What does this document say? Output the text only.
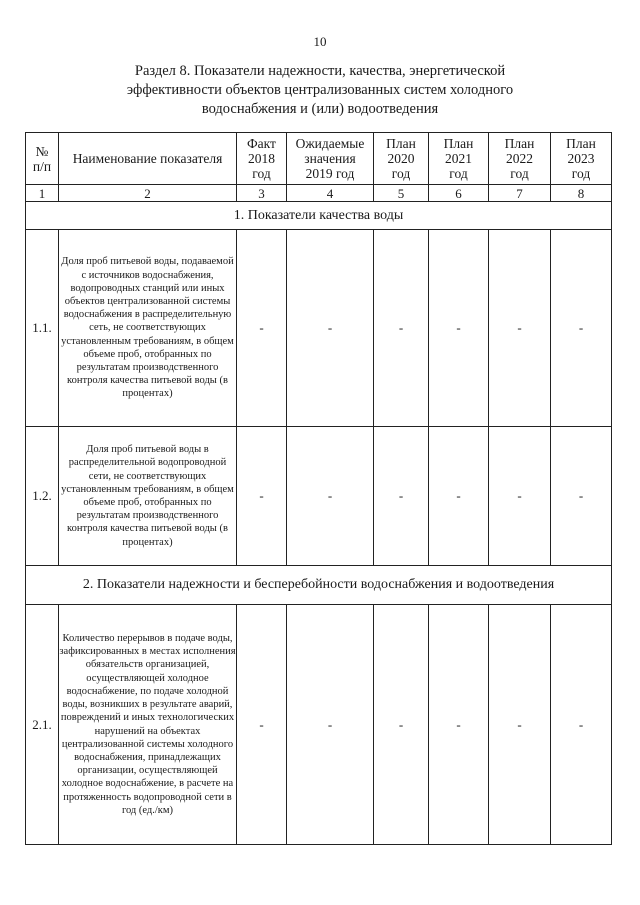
10
Раздел 8. Показатели надежности, качества, энергетической
эффективности объектов централизованных систем холодного
водоснабжения и (или) водоотведения
№
п/п	Наименование показателя	Факт
2018
год	Ожидаемые
значения
2019 год	План
2020
год	План
2021
год	План
2022
год	План
2023
год

1	2	3	4	5	6	7	8
1. Показатели качества воды							
1.1.	Доля проб питьевой воды, подаваемой с источников водоснабжения, водопроводных станций или иных объектов централизованной системы водоснабжения в распределительную сеть, не соответствующих установленным требованиям, в общем объеме проб, отобранных по результатам производственного контроля качества питьевой воды (в процентах)	-	-	-	-	-	-
1.2.	Доля проб питьевой воды в распределительной водопроводной сети, не соответствующих установленным требованиям, в общем объеме проб, отобранных по результатам производственного контроля качества питьевой воды (в процентах)	-	-	-	-	-	-
2. Показатели надежности и бесперебойности водоснабжения и водоотведения							
2.1.	Количество перерывов в подаче воды, зафиксированных в местах исполнения обязательств организацией, осуществляющей холодное водоснабжение, по подаче холодной воды, возникших в результате аварий, повреждений и иных технологических нарушений на объектах централизованной системы холодного водоснабжения, принадлежащих организации, осуществляющей холодное водоснабжение, в расчете на протяженность водопроводной сети в год (ед./км)	-	-	-	-	-	-
